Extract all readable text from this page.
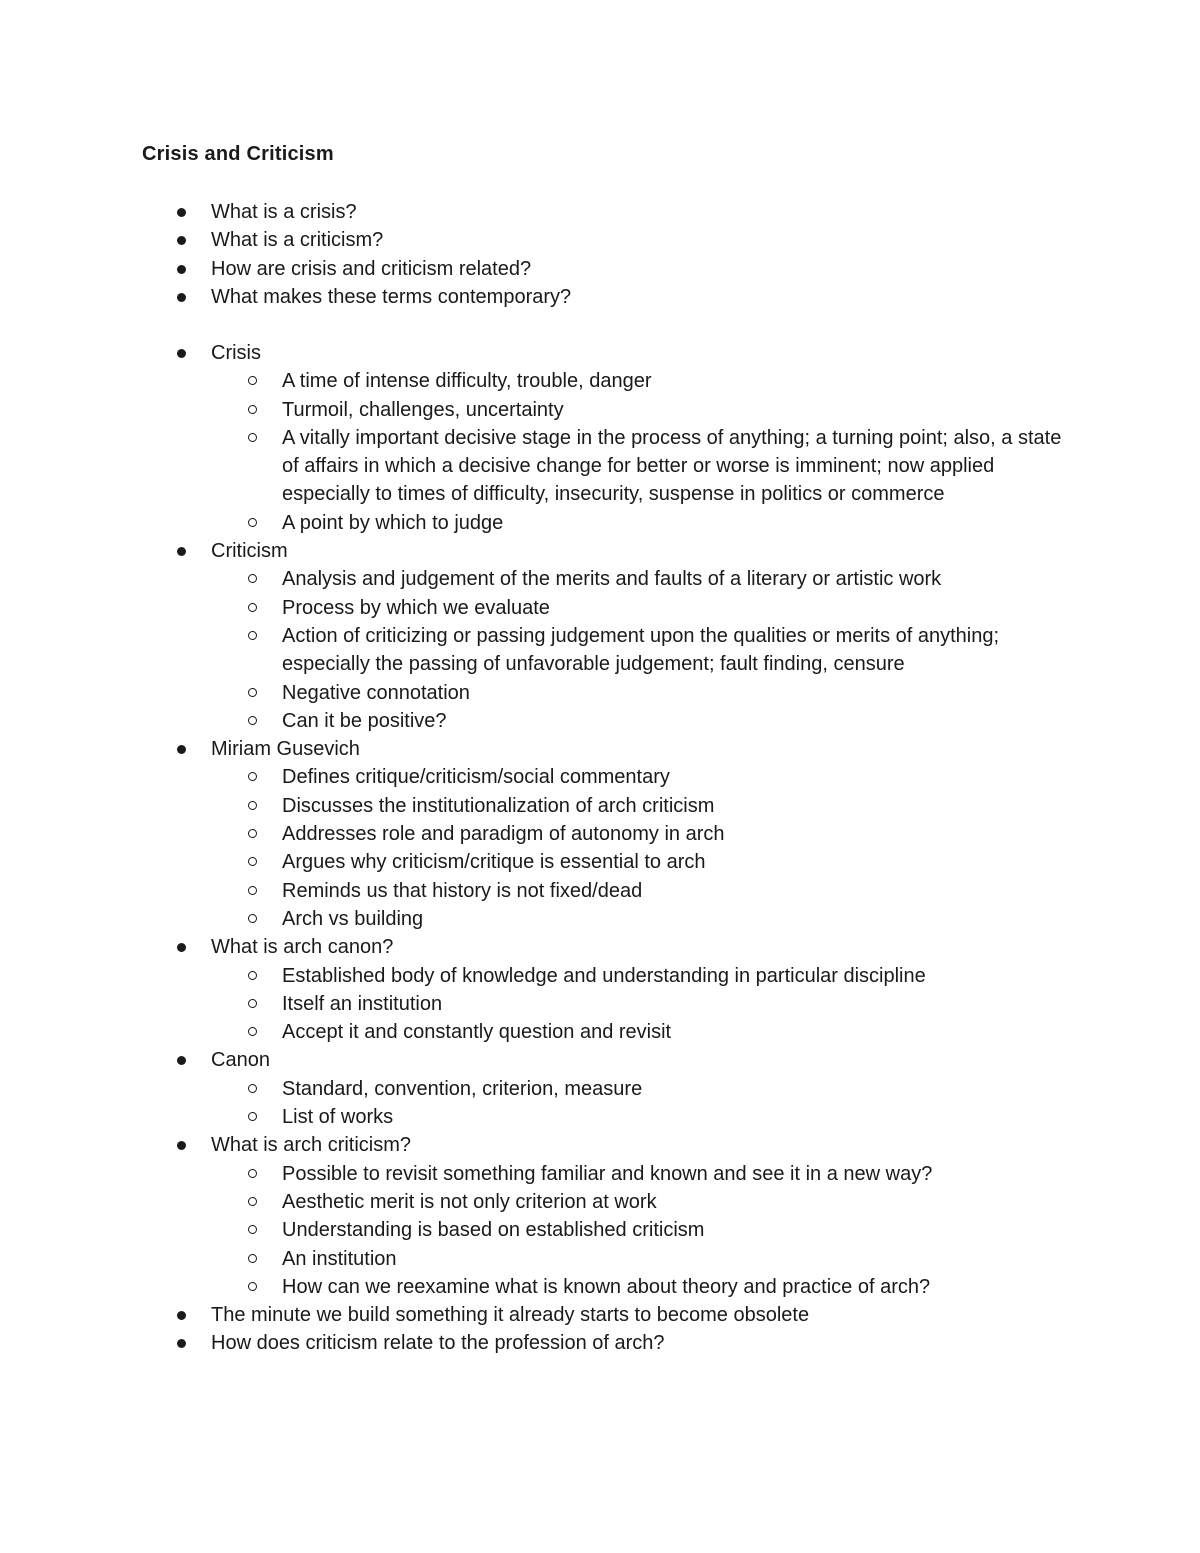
Crisis and Criticism
What is a crisis?
What is a criticism?
How are crisis and criticism related?
What makes these terms contemporary?
Crisis
A time of intense difficulty, trouble, danger
Turmoil, challenges, uncertainty
A vitally important decisive stage in the process of anything; a turning point; also, a state of affairs in which a decisive change for better or worse is imminent; now applied especially to times of difficulty, insecurity, suspense in politics or commerce
A point by which to judge
Criticism
Analysis and judgement of the merits and faults of a literary or artistic work
Process by which we evaluate
Action of criticizing or passing judgement upon the qualities or merits of anything; especially the passing of unfavorable judgement; fault finding, censure
Negative connotation
Can it be positive?
Miriam Gusevich
Defines critique/criticism/social commentary
Discusses the institutionalization of arch criticism
Addresses role and paradigm of autonomy in arch
Argues why criticism/critique is essential to arch
Reminds us that history is not fixed/dead
Arch vs building
What is arch canon?
Established body of knowledge and understanding in particular discipline
Itself an institution
Accept it and constantly question and revisit
Canon
Standard, convention, criterion, measure
List of works
What is arch criticism?
Possible to revisit something familiar and known and see it in a new way?
Aesthetic merit is not only criterion at work
Understanding is based on established criticism
An institution
How can we reexamine what is known about theory and practice of arch?
The minute we build something it already starts to become obsolete
How does criticism relate to the profession of arch?
